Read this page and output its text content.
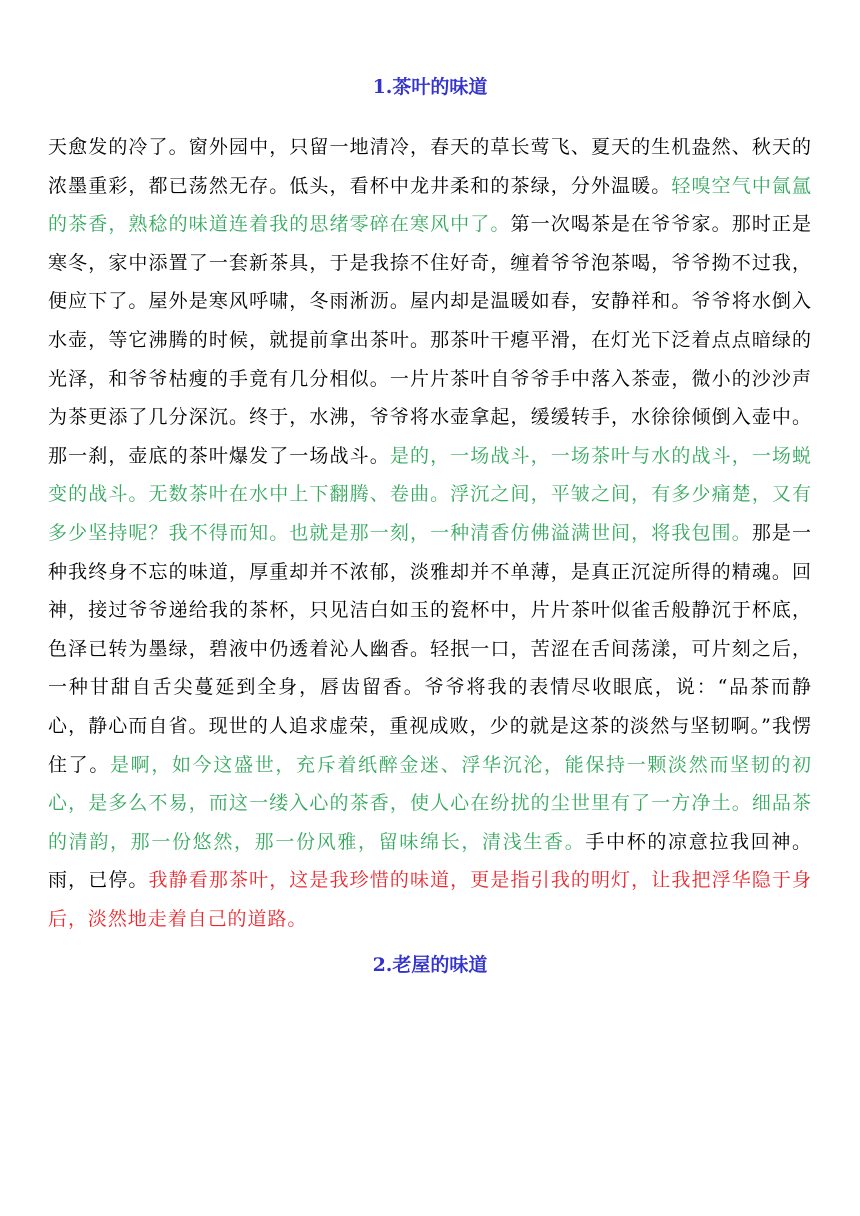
1.茶叶的味道

天愈发的冷了。窗外园中，只留一地清冷，春天的草长莺飞、夏天的生机盎然、秋天的浓墨重彩，都已荡然无存。低头，看杯中龙井柔和的茶绿，分外温暖。轻嗅空气中氤氲的茶香，熟稔的味道连着我的思绪零碎在寒风中了。第一次喝茶是在爷爷家。那时正是寒冬，家中添置了一套新茶具，于是我捺不住好奇，缠着爷爷泡茶喝，爷爷拗不过我，便应下了。屋外是寒风呼啸，冬雨淅沥。屋内却是温暖如春，安静祥和。爷爷将水倒入水壶，等它沸腾的时候，就提前拿出茶叶。那茶叶干瘪平滑，在灯光下泛着点点暗绿的光泽，和爷爷枯瘦的手竟有几分相似。一片片茶叶自爷爷手中落入茶壶，微小的沙沙声为茶更添了几分深沉。终于，水沸，爷爷将水壶拿起，缓缓转手，水徐徐倾倒入壶中。那一刹，壶底的茶叶爆发了一场战斗。是的，一场战斗，一场茶叶与水的战斗，一场蜕变的战斗。无数茶叶在水中上下翻腾、卷曲。浮沉之间，平皱之间，有多少痛楚，又有多少坚持呢？我不得而知。也就是那一刻，一种清香仿佛溢满世间，将我包围。那是一种我终身不忘的味道，厚重却并不浓郁，淡雅却并不单薄，是真正沉淀所得的精魂。回神，接过爷爷递给我的茶杯，只见洁白如玉的瓷杯中，片片茶叶似雀舌般静沉于杯底，色泽已转为墨绿，碧液中仍透着沁人幽香。轻抿一口，苦涩在舌间荡漾，可片刻之后，一种甘甜自舌尖蔓延到全身，唇齿留香。爷爷将我的表情尽收眼底，说：“品茶而静心，静心而自省。现世的人追求虚荣，重视成败，少的就是这茶的淡然与坚韧啊。”我愣住了。是啊，如今这盛世，充斥着纸醉金迷、浮华沉沦，能保持一颗淡然而坚韧的初心，是多么不易，而这一缕入心的茶香，使人心在纷扰的尘世里有了一方净土。细品茶的清韵，那一份悠然，那一份风雅，留味绵长，清浅生香。手中杯的凉意拉我回神。雨，已停。我静看那茶叶，这是我珍惜的味道，更是指引我的明灯，让我把浮华隐于身后，淡然地走着自己的道路。

2.老屋的味道
